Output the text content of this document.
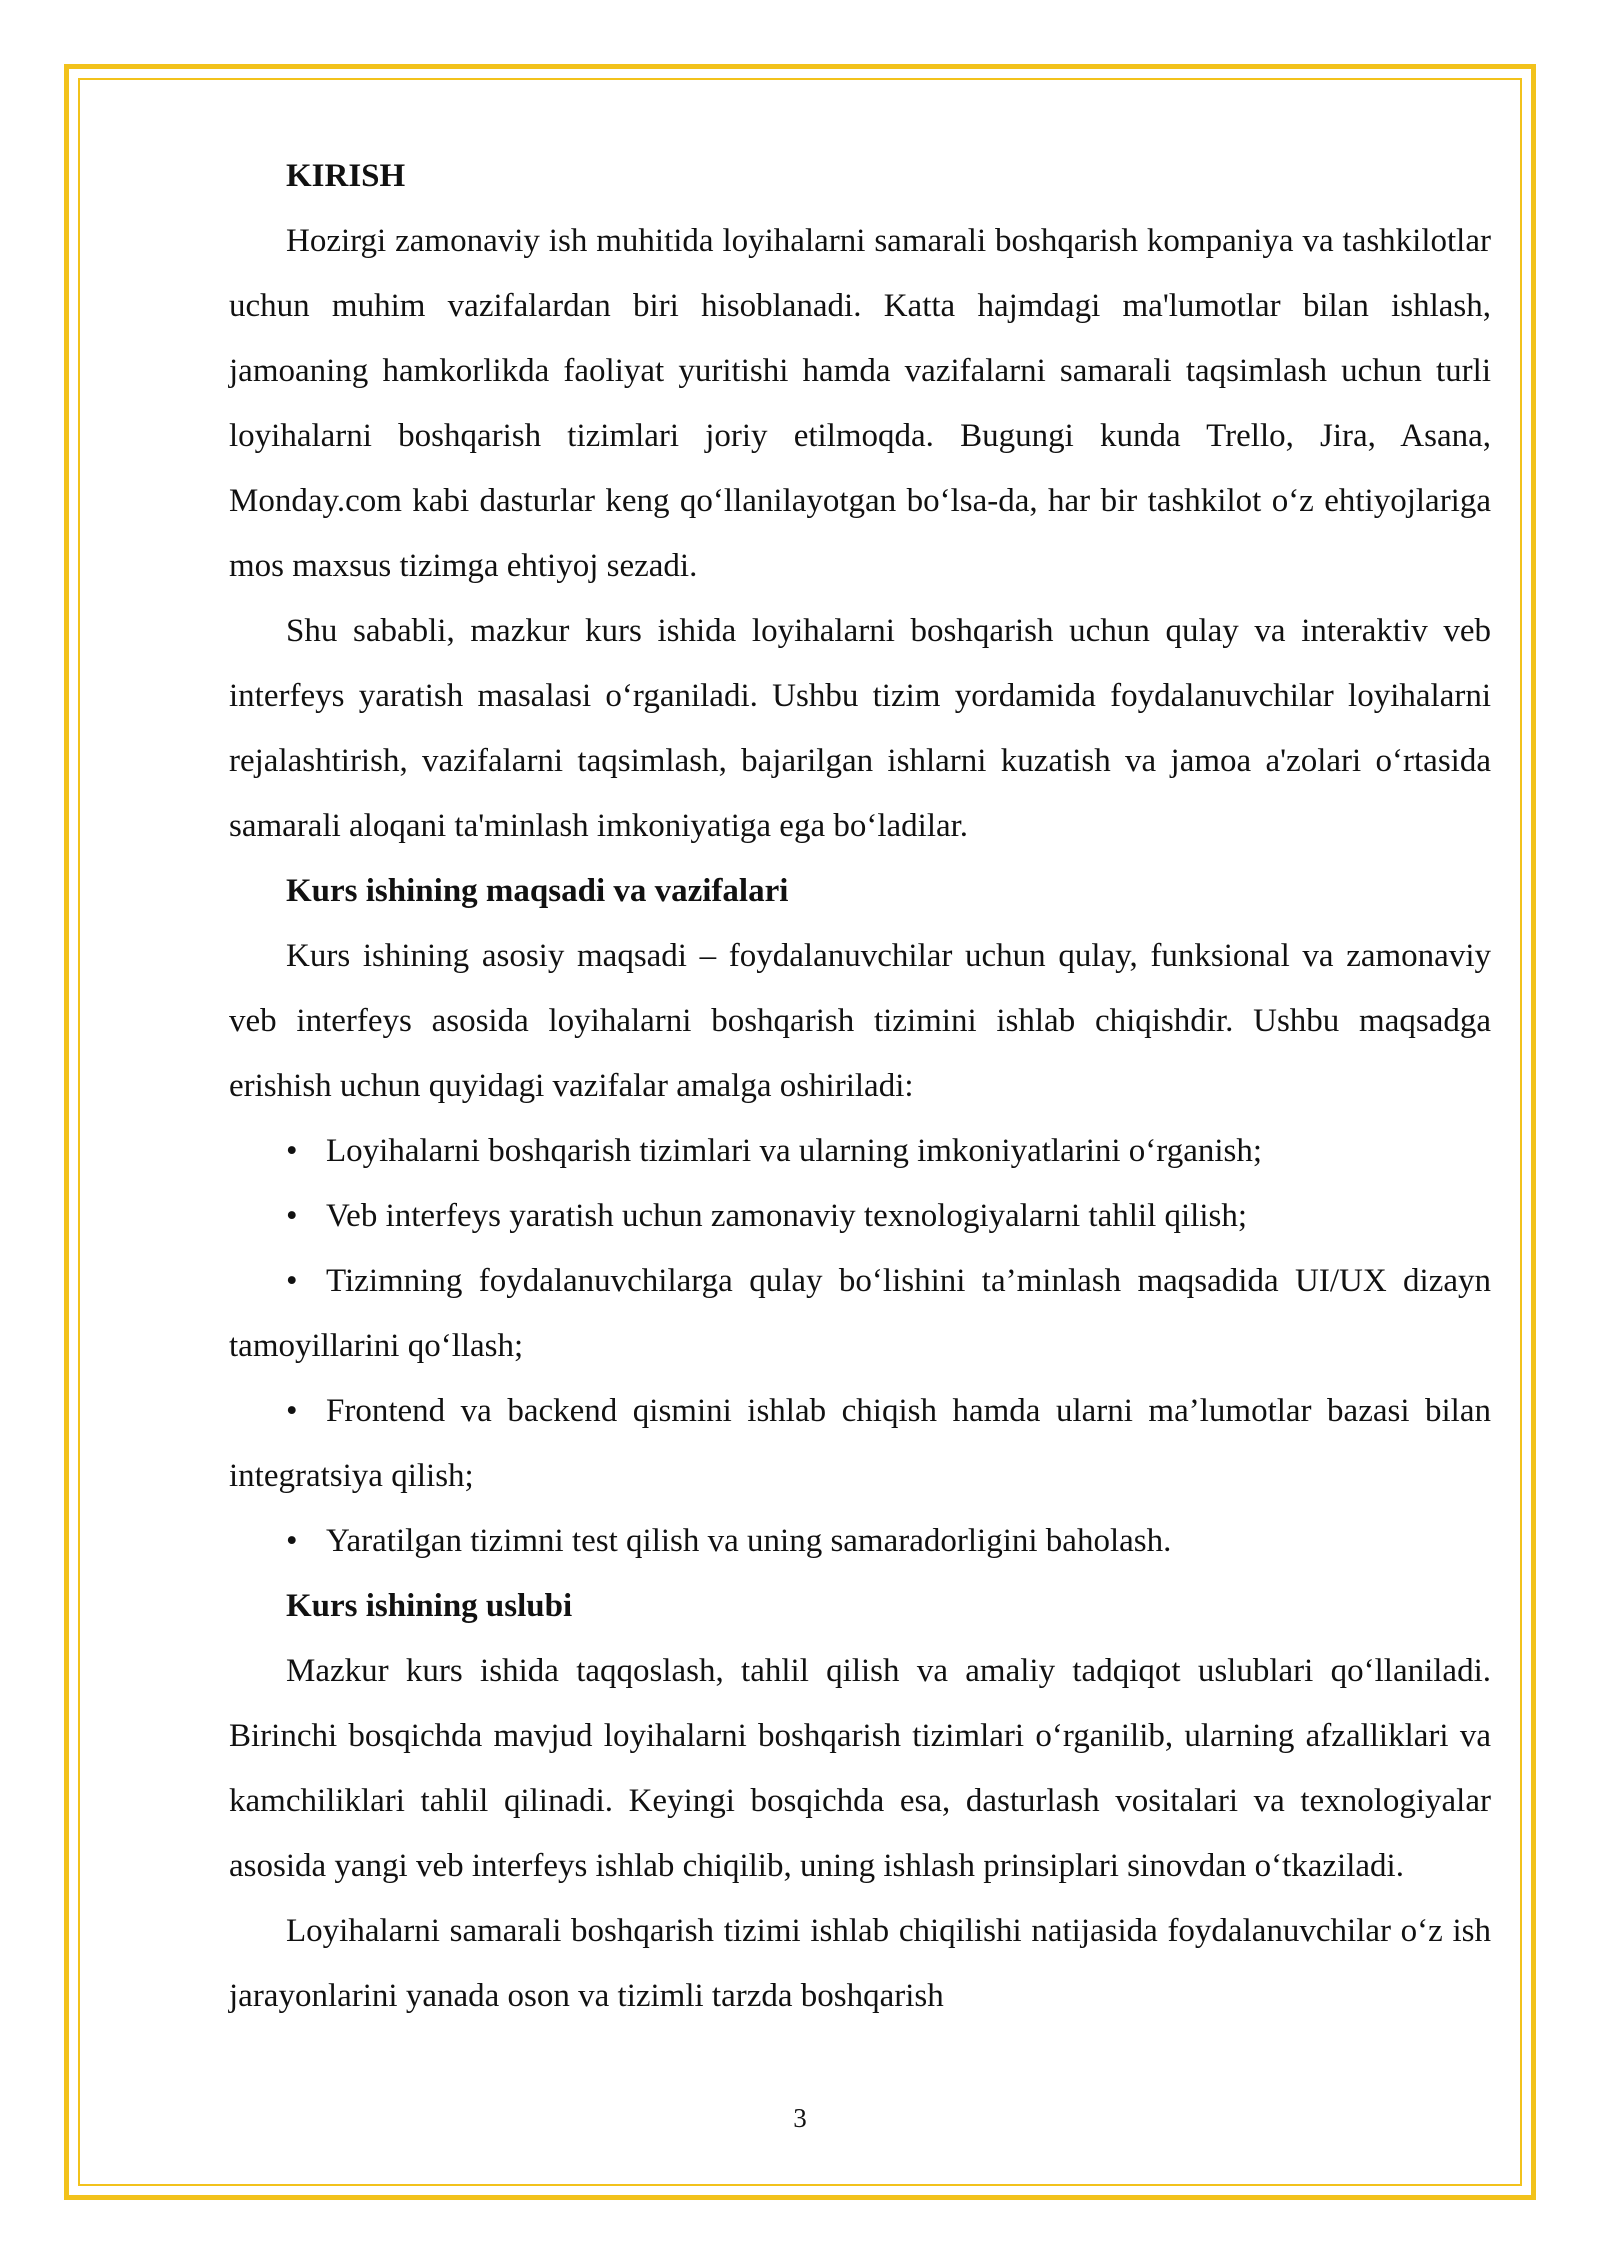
KIRISH

Hozirgi zamonaviy ish muhitida loyihalarni samarali boshqarish kompaniya va tashkilotlar uchun muhim vazifalardan biri hisoblanadi. Katta hajmdagi ma'lumotlar bilan ishlash, jamoaning hamkorlikda faoliyat yuritishi hamda vazifalarni samarali taqsimlash uchun turli loyihalarni boshqarish tizimlari joriy etilmoqda. Bugungi kunda Trello, Jira, Asana, Monday.com kabi dasturlar keng qo‘llanilayotgan bo‘lsa-da, har bir tashkilot o‘z ehtiyojlariga mos maxsus tizimga ehtiyoj sezadi.

Shu sababli, mazkur kurs ishida loyihalarni boshqarish uchun qulay va interaktiv veb interfeys yaratish masalasi o‘rganiladi. Ushbu tizim yordamida foydalanuvchilar loyihalarni rejalashtirish, vazifalarni taqsimlash, bajarilgan ishlarni kuzatish va jamoa a'zolari o‘rtasida samarali aloqani ta'minlash imkoniyatiga ega bo‘ladilar.

Kurs ishining maqsadi va vazifalari

Kurs ishining asosiy maqsadi – foydalanuvchilar uchun qulay, funksional va zamonaviy veb interfeys asosida loyihalarni boshqarish tizimini ishlab chiqishdir. Ushbu maqsadga erishish uchun quyidagi vazifalar amalga oshiriladi:

• Loyihalarni boshqarish tizimlari va ularning imkoniyatlarini o‘rganish;
• Veb interfeys yaratish uchun zamonaviy texnologiyalarni tahlil qilish;
• Tizimning foydalanuvchilarga qulay bo‘lishini ta’minlash maqsadida UI/UX dizayn tamoyillarini qo‘llash;
• Frontend va backend qismini ishlab chiqish hamda ularni ma’lumotlar bazasi bilan integratsiya qilish;
• Yaratilgan tizimni test qilish va uning samaradorligini baholash.

Kurs ishining uslubi

Mazkur kurs ishida taqqoslash, tahlil qilish va amaliy tadqiqot uslublari qo‘llaniladi. Birinchi bosqichda mavjud loyihalarni boshqarish tizimlari o‘rganilib, ularning afzalliklari va kamchiliklari tahlil qilinadi. Keyingi bosqichda esa, dasturlash vositalari va texnologiyalar asosida yangi veb interfeys ishlab chiqilib, uning ishlash prinsiplari sinovdan o‘tkaziladi.

Loyihalarni samarali boshqarish tizimi ishlab chiqilishi natijasida foydalanuvchilar o‘z ish jarayonlarini yanada oson va tizimli tarzda boshqarish

3
